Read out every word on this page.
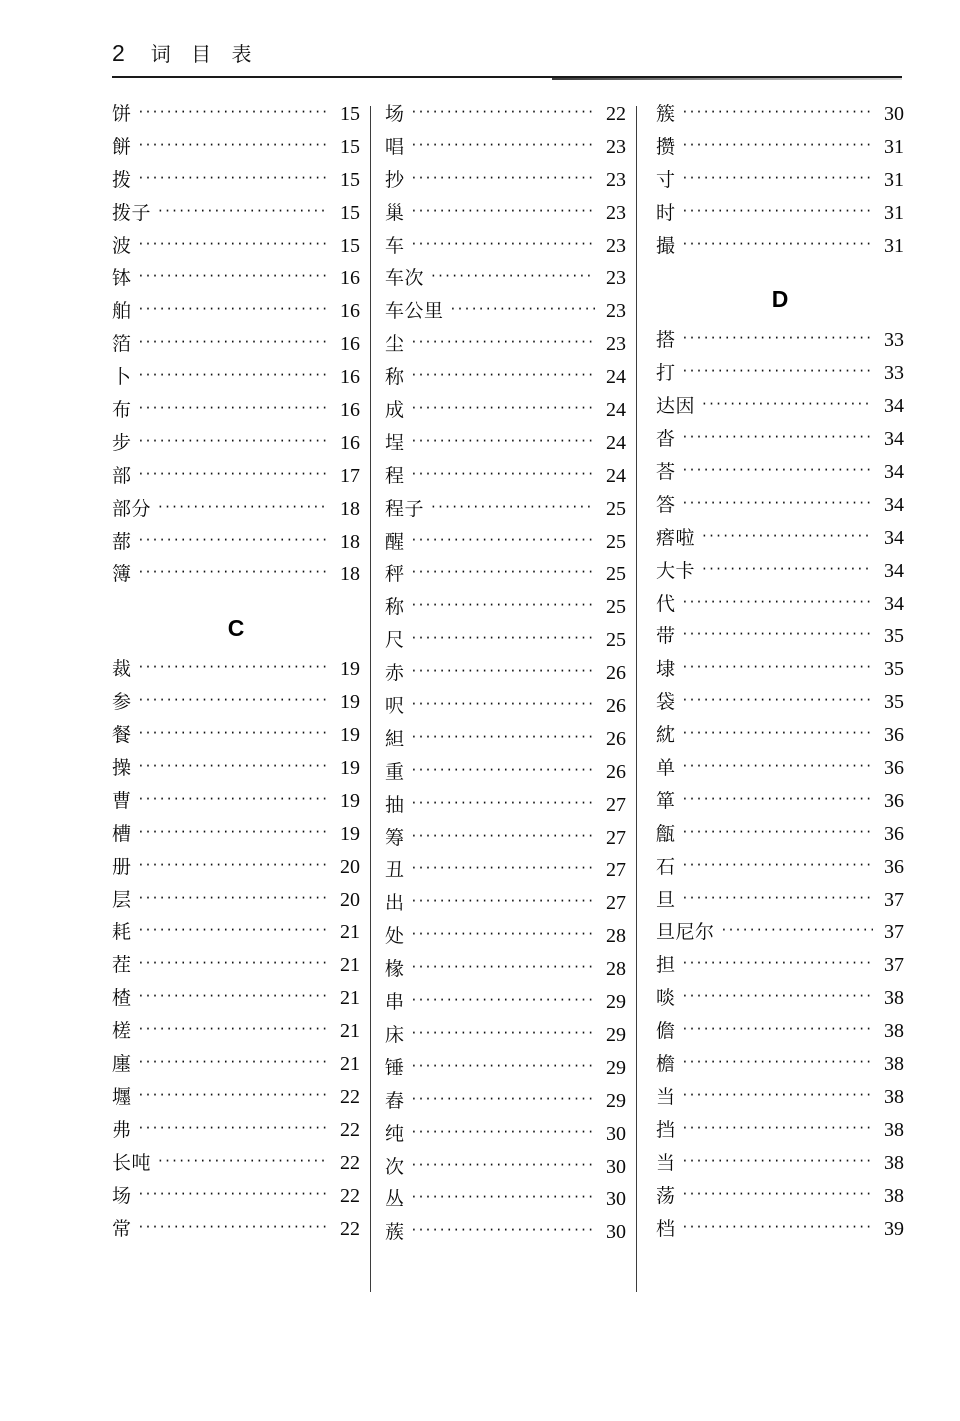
2 词 目 表
饼 ·····	15
餅 ·····	15
拨 ·····	15
拨子 ·····	15
波 ·····	15
钵 ·····	16
舶 ·····	16
箔 ·····	16
卜 ·····	16
布 ·····	16
步 ·····	16
部 ·····	17
部分 ·····	18
蔀 ·····	18
簿 ·····	18
C
裁 ·····	19
参 ·····	19
餐 ·····	19
操 ·····	19
曹 ·····	19
槽 ·····	19
册 ·····	20
层 ·····	20
耗 ·····	21
茬 ·····	21
楂 ·····	21
槎 ·····	21
廛 ·····	21
壥 ·····	22
弗 ·····	22
长吨 ·····	22
场 ·····	22
常 ·····	22
场 ·····	22
唱 ·····	23
抄 ·····	23
巢 ·····	23
车 ·····	23
车次 ·····	23
车公里 ·····	23
尘 ·····	23
称 ·····	24
成 ·····	24
埕 ·····	24
程 ·····	24
程子 ·····	25
醒 ·····	25
秤 ·····	25
称 ·····	25
尺 ·····	25
赤 ·····	26
呎 ·····	26
䋎 ·····	26
重 ·····	26
抽 ·····	27
筹 ·····	27
丑 ·····	27
出 ·····	27
处 ·····	28
椽 ·····	28
串 ·····	29
床 ·····	29
锤 ·····	29
舂 ·····	29
纯 ·····	30
次 ·····	30
丛 ·····	30
蔟 ·····	30
簇 ·····	30
攒 ·····	31
寸 ·····	31
时 ·····	31
撮 ·····	31
D
搭 ·····	33
打 ·····	33
达因 ·····	34
沓 ·····	34
荅 ·····	34
答 ·····	34
瘩啦 ·····	34
大卡 ·····	34
代 ·····	34
带 ·····	35
埭 ·····	35
袋 ·····	35
紞 ·····	36
单 ·····	36
箪 ·····	36
甔 ·····	36
石 ·····	36
旦 ·····	37
旦尼尔 ·····	37
担 ·····	37
啖 ·····	38
儋 ·····	38
檐 ·····	38
当 ·····	38
挡 ·····	38
当 ·····	38
荡 ·····	38
档 ·····	39
